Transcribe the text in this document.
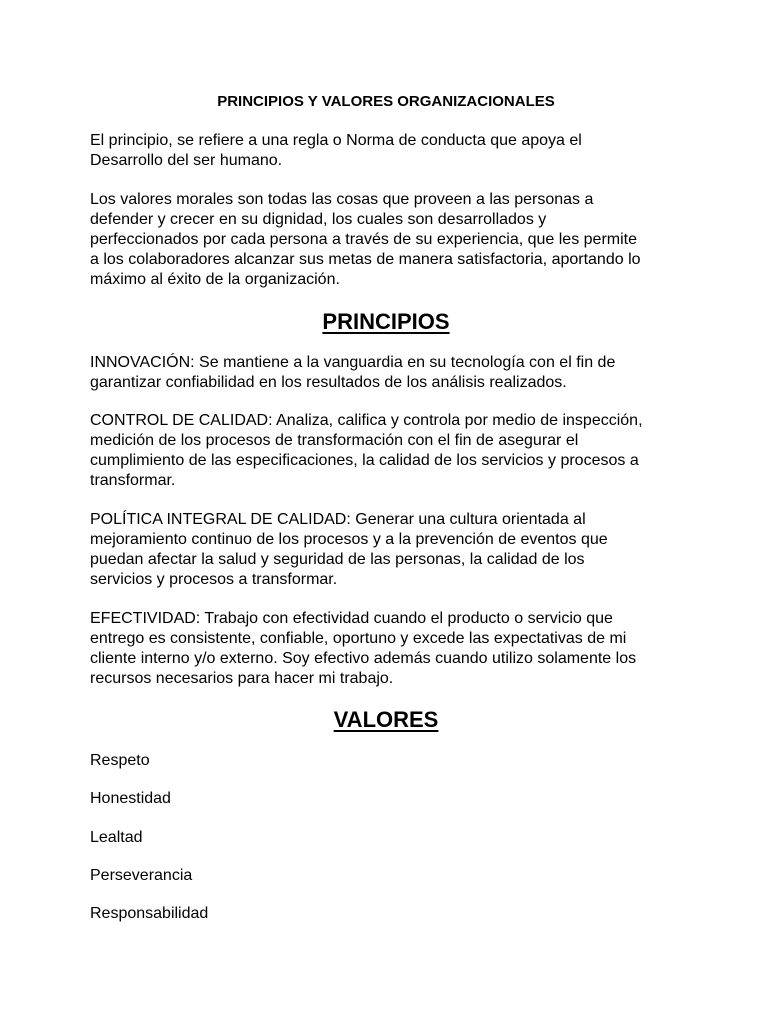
PRINCIPIOS Y VALORES ORGANIZACIONALES

El principio, se refiere a una regla o Norma de conducta que apoya el
Desarrollo del ser humano.

Los valores morales son todas las cosas que proveen a las personas a
defender y crecer en su dignidad, los cuales son desarrollados y
perfeccionados por cada persona a través de su experiencia, que les permite
a los colaboradores alcanzar sus metas de manera satisfactoria, aportando lo
máximo al éxito de la organización.

PRINCIPIOS

INNOVACIÓN: Se mantiene a la vanguardia en su tecnología con el fin de
garantizar confiabilidad en los resultados de los análisis realizados.

CONTROL DE CALIDAD: Analiza, califica y controla por medio de inspección,
medición de los procesos de transformación con el fin de asegurar el
cumplimiento de las especificaciones, la calidad de los servicios y procesos a
transformar.

POLÍTICA INTEGRAL DE CALIDAD: Generar una cultura orientada al
mejoramiento continuo de los procesos y a la prevención de eventos que
puedan afectar la salud y seguridad de las personas, la calidad de los
servicios y procesos a transformar.

EFECTIVIDAD: Trabajo con efectividad cuando el producto o servicio que
entrego es consistente, confiable, oportuno y excede las expectativas de mi
cliente interno y/o externo. Soy efectivo además cuando utilizo solamente los
recursos necesarios para hacer mi trabajo.

VALORES
Respeto
Honestidad
Lealtad
Perseverancia
Responsabilidad
